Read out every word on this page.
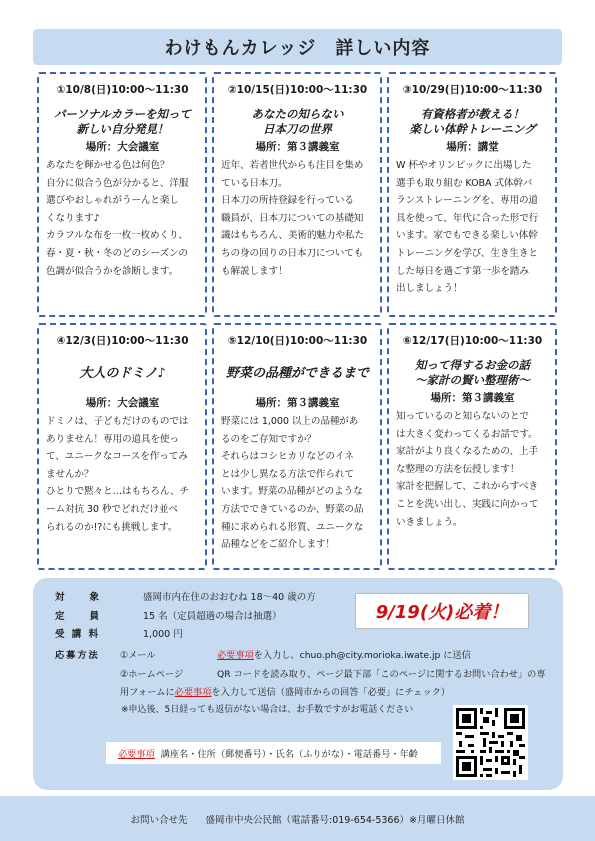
わけもんカレッジ　詳しい内容
①10/8(日)10:00～11:30
パーソナルカラーを知って
新しい自分発見！
場所：大会議室

あなたを輝かせる色は何色？

自分に似合う色が分かると、洋服

選びやおしゃれがうーんと楽し

くなります♪

カラフルな布を一枚一枚めくり、

春・夏・秋・冬のどのシーズンの

色調が似合うかを診断します。

②10/15(日)10:00～11:30
あなたの知らない
日本刀の世界
場所：第３講義室

近年、若者世代からも注目を集め

ている日本刀。

日本刀の所持登録を行っている

職員が、日本刀についての基礎知

識はもちろん、美術的魅力や私た

ちの身の回りの日本刀についても

も解説します！

③10/29(日)10:00～11:30
有資格者が教える！
楽しい体幹トレーニング
場所：講堂

W 杯やオリンピックに出場した

選手も取り組む KOBA 式体幹バ

ランストレーニングを、専用の道

具を使って、年代に合った形で行

います。家でもできる楽しい体幹

トレーニングを学び、生き生きと

した毎日を過ごす第一歩を踏み

出しましょう！

④12/3(日)10:00～11:30
大人のドミノ♪
場所：大会議室

ドミノは、子どもだけのものでは

ありません！専用の道具を使っ

て、ユニークなコースを作ってみ

ませんか？

ひとりで黙々と…はもちろん、チ

ーム対抗 30 秒でどれだけ並べ

られるのか!?にも挑戦します。

⑤12/10(日)10:00～11:30
野菜の品種ができるまで
場所：第３講義室

野菜には 1,000 以上の品種があ

るのをご存知ですか？

それらはコシヒカリなどのイネ

とは少し異なる方法で作られて

います。野菜の品種がどのような

方法でできているのか、野菜の品

種に求められる形質、ユニークな

品種などをご紹介します！

⑥12/17(日)10:00～11:30
知って得するお金の話
～家計の賢い整理術～
場所：第３講義室

知っているのと知らないのとで

は大きく変わってくるお話です。

家計がより良くなるための、上手

な整理の方法を伝授します！

家計を把握して、これからすべき

ことを洗い出し、実践に向かって

いきましょう。

対　　象	盛岡市内在住のおおむね 18～40 歳の方
定　　員	15 名（定員超過の場合は抽選）
受 講 料	1,000 円
9/19(火)必着！
応募方法	①メール	必要事項 を入力し、chuo.ph@city.morioka.iwate.jp に送信
②ホームページ	QR コードを読み取り、ページ最下部「このページに関するお問い合わせ」の専
用フォームに 必要事項 を入力して送信（盛岡市からの回答「必要」にチェック）
※申込後、5日経っても返信がない場合は、お手数ですがお電話ください
必要事項 講座名・住所（郵便番号）・氏名（ふりがな）・電話番号・年齢
お問い合せ先 盛岡市中央公民館（電話番号:019-654-5366）※月曜日休館
